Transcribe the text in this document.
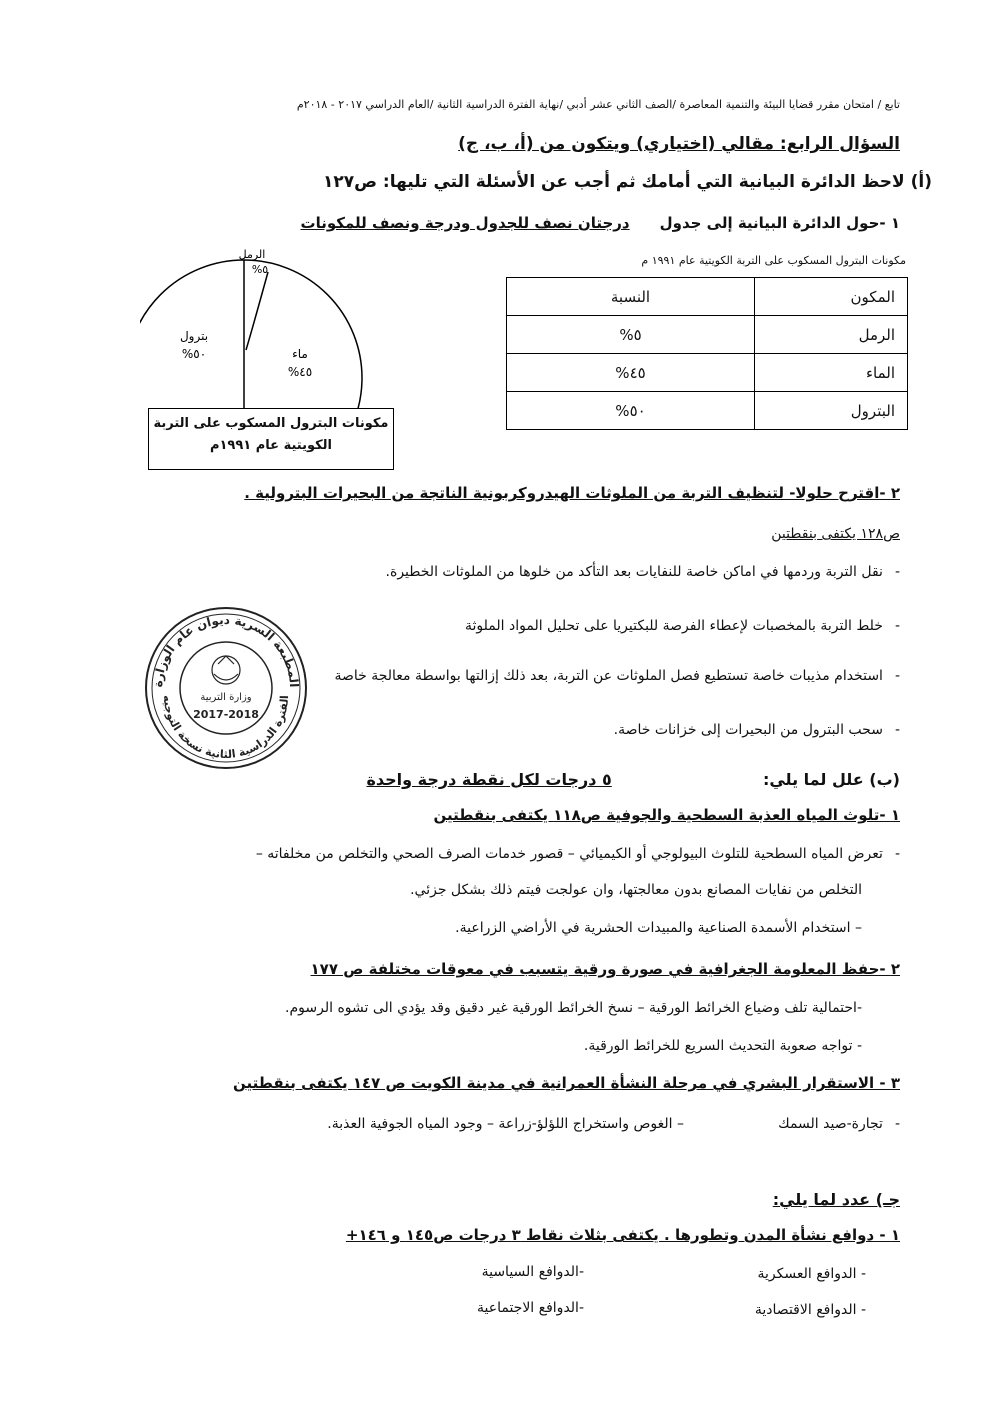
تابع / امتحان مقرر قضايا البيئة والتنمية المعاصرة /الصف الثاني عشر أدبي /نهاية الفترة الدراسية الثانية /العام الدراسي ٢٠١٧ - ٢٠١٨م
السؤال الرابع: مقالي (اختياري) ويتكون من (أ، ب، ج)
(أ) لاحظ الدائرة البيانية التي أمامك ثم أجب عن الأسئلة التي تليها: ص١٢٧
١ -حول الدائرة البيانية إلى جدولدرجتان نصف للجدول ودرجة ونصف للمكونات
الرمل
٥%
بترول
٥٠%	ماء
٤٥%
مكونات البترول المسكوب على التربة
الكويتية عام ١٩٩١م
مكونات البترول المسكوب على التربة الكويتية عام ١٩٩١ م
المكون	النسبة
الرمل	٥%
الماء	٤٥%
البترول	٥٠%
٢ -اقترح حلولا- لتنظيف التربة من الملوثات الهيدروكربونية الناتجة من البحيرات البترولية .
ص١٢٨ يكتفى بنقطتين
-نقل التربة وردمها في اماكن خاصة للنفايات بعد التأكد من خلوها من الملوثات الخطيرة.
-خلط التربة بالمخصبات لإعطاء الفرصة للبكتيريا على تحليل المواد الملوثة
-استخدام مذيبات خاصة تستطيع فصل الملوثات عن التربة، بعد ذلك إزالتها بواسطة معالجة خاصة
-سحب البترول من البحيرات إلى خزانات خاصة.
المطبعة السرية ديوان عام الوزارة
الفترة الدراسية الثانية نسخة التوجيه
وزارة التربية
2017-2018
(ب) علل لما يلي:  ٥ درجات لكل نقطة درجة واحدة
١ -تلوث المياه العذبة السطحية والجوفية ص١١٨ يكتفى بنقطتين
-تعرض المياه السطحية للتلوث البيولوجي أو الكيميائي – قصور خدمات الصرف الصحي والتخلص من مخلفاته –
التخلص من نفايات المصانع بدون معالجتها، وان عولجت فيتم ذلك بشكل جزئي.
– استخدام الأسمدة الصناعية والمبيدات الحشرية في الأراضي الزراعية.
٢ -حفظ المعلومة الجغرافية في صورة ورقية يتسبب في معوقات مختلفة ص ١٧٧
-احتمالية تلف وضياع الخرائط الورقية – نسخ الخرائط الورقية غير دقيق وقد يؤدي الى تشوه الرسوم.
- تواجه صعوبة التحديث السريع للخرائط الورقية.
٣ - الاستقرار البشري في مرحلة النشأة العمرانية في مدينة الكويت ص ١٤٧ يكتفى بنقطتين
-تجارة-صيد السمك
– الغوص واستخراج اللؤلؤ-زراعة – وجود المياه الجوفية العذبة.
جـ) عدد لما يلي:
١ - دوافع نشأة المدن وتطورها . يكتفى بثلاث نقاط ٣ درجات ص١٤٥ و ١٤٦+
- الدوافع العسكرية
-الدوافع السياسية
- الدوافع الاقتصادية
-الدوافع الاجتماعية
